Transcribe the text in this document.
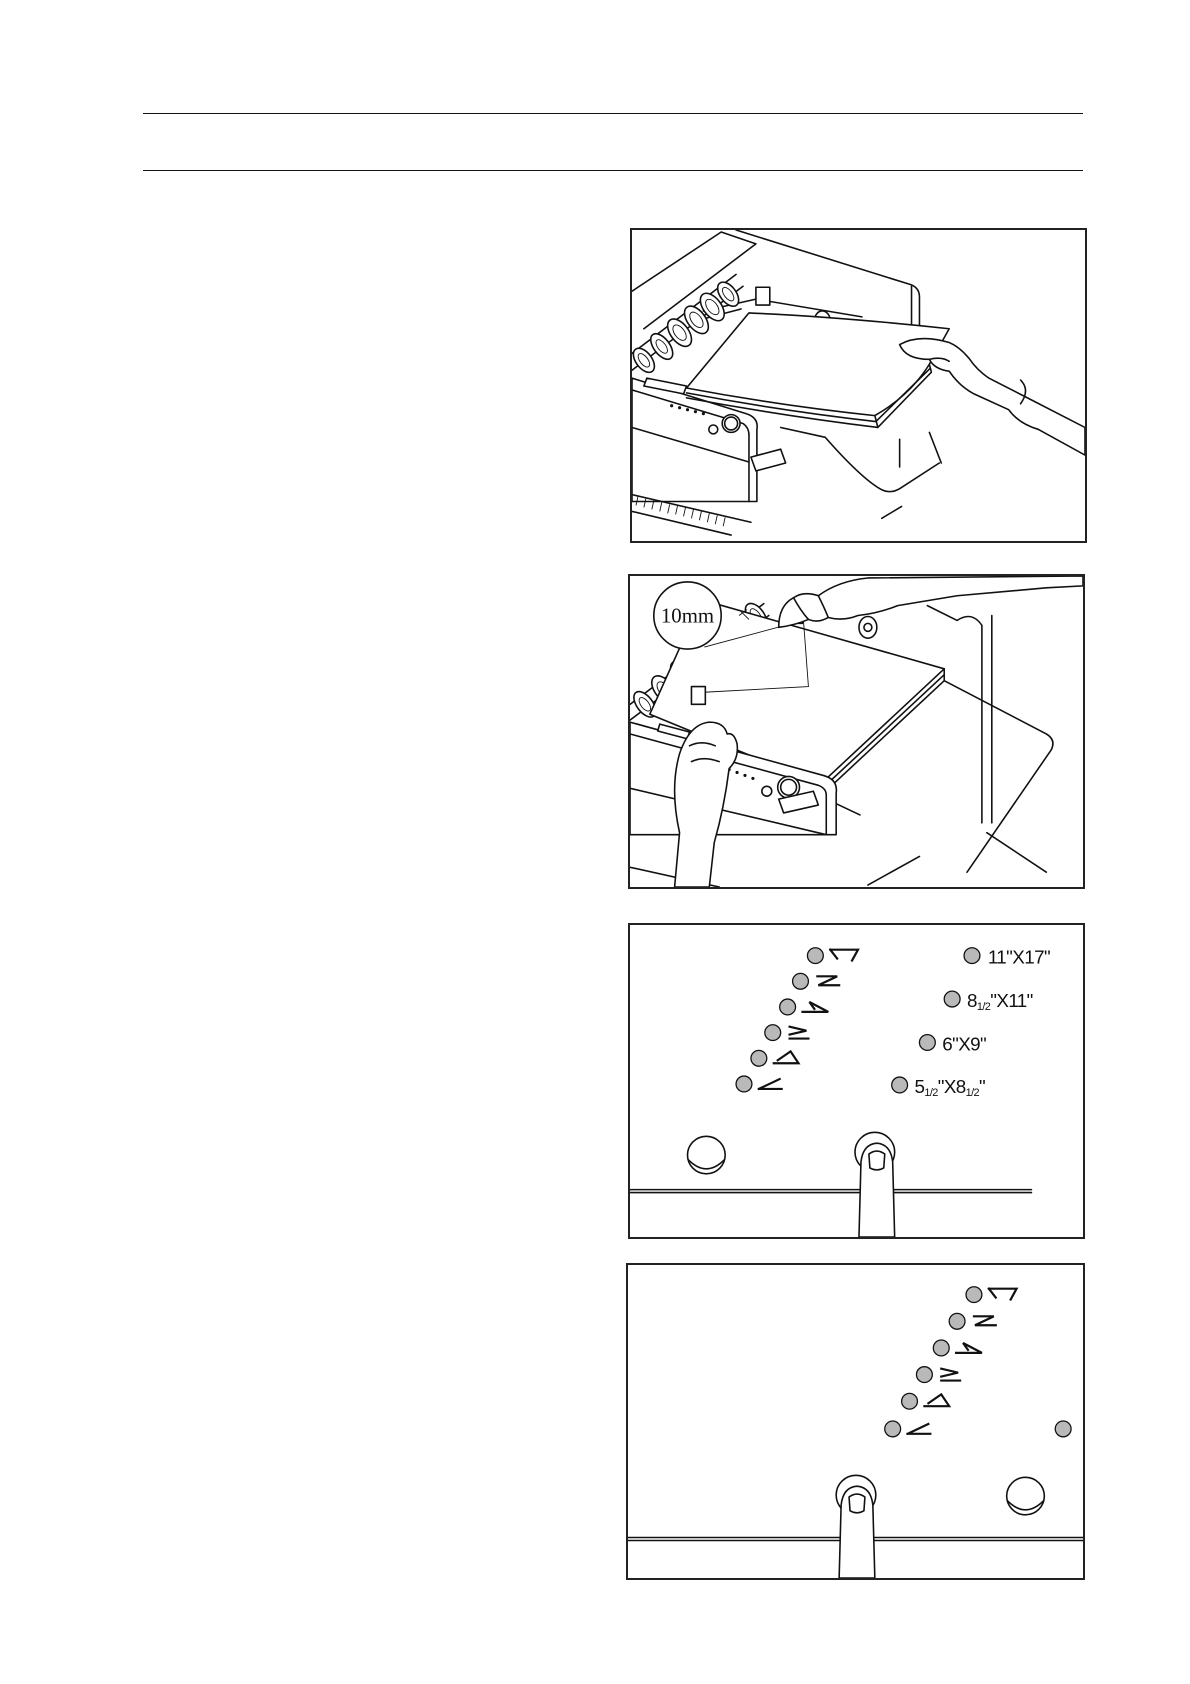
10mm
11"X17"
81/2"X11"
6"X9"
51/2"X81/2"
